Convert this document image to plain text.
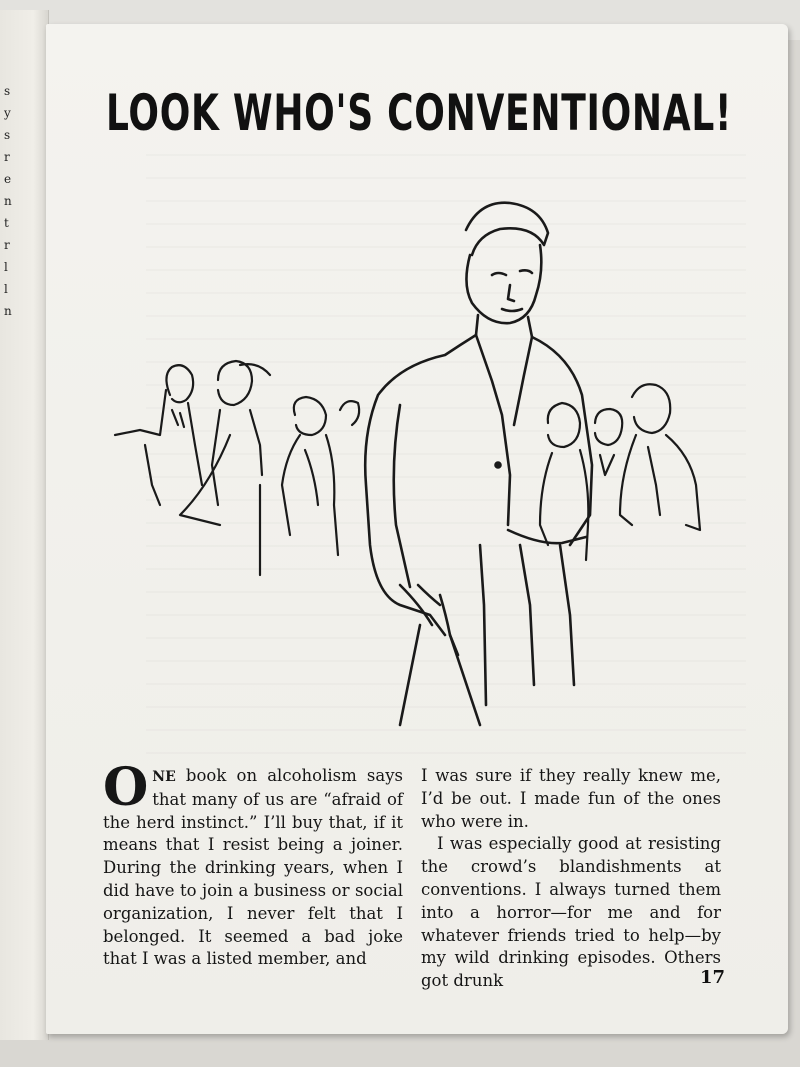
s
y
s
r
e
n
t
r
l
l
n
LOOK WHO'S CONVENTIONAL!

ONE book on alcoholism says that many of us are “afraid of the herd instinct.” I’ll buy that, if it means that I resist being a joiner. During the drinking years, when I did have to join a business or social organization, I never felt that I belonged. It seemed a bad joke that I was a listed member, and

I was sure if they really knew me, I’d be out. I made fun of the ones who were in.

I was especially good at resisting the crowd’s blandishments at conventions. I always turned them into a horror—for me and for whatever friends tried to help—by my wild drinking episodes. Others got drunk	17
